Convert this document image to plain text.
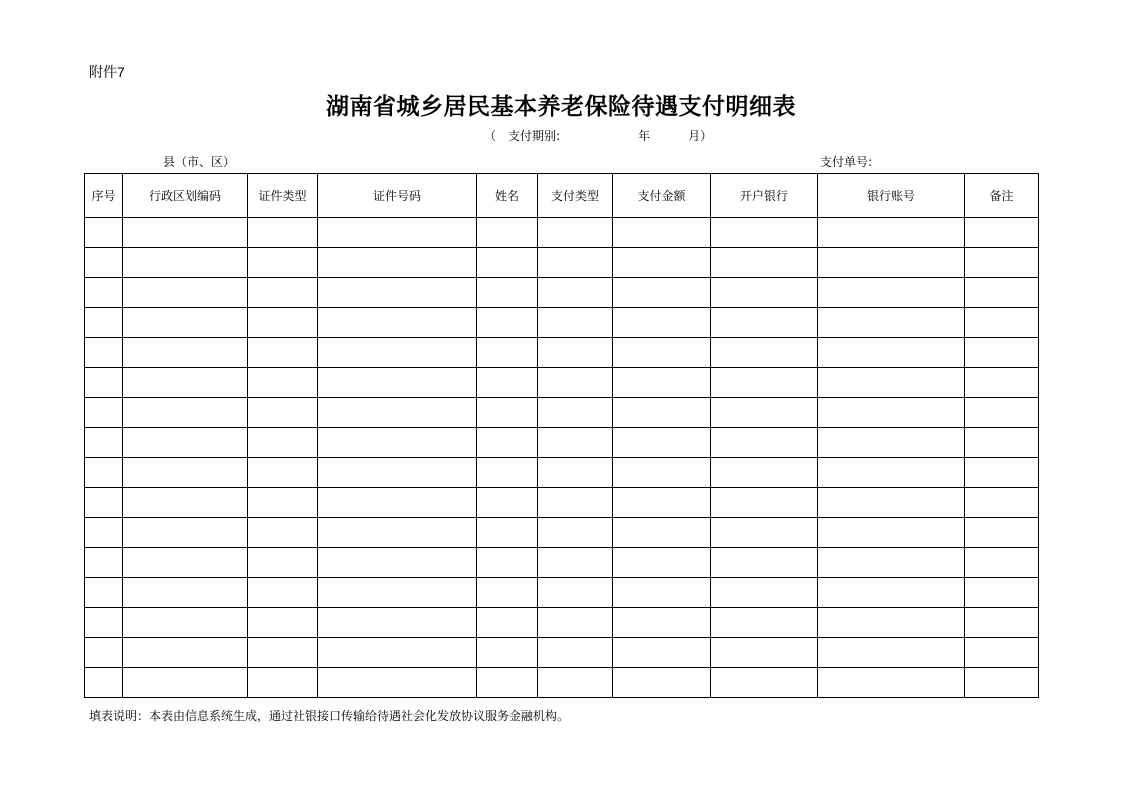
附件7
湖南省城乡居民基本养老保险待遇支付明细表
（ 支付期别:	年	月 ）
县（市、区）	支付单号:
序号	行政区划编码	证件类型	证件号码	姓名	支付类型	支付金额	开户银行	银行账号	备注

填表说明：本表由信息系统生成，通过社银接口传输给待遇社会化发放协议服务金融机构。
